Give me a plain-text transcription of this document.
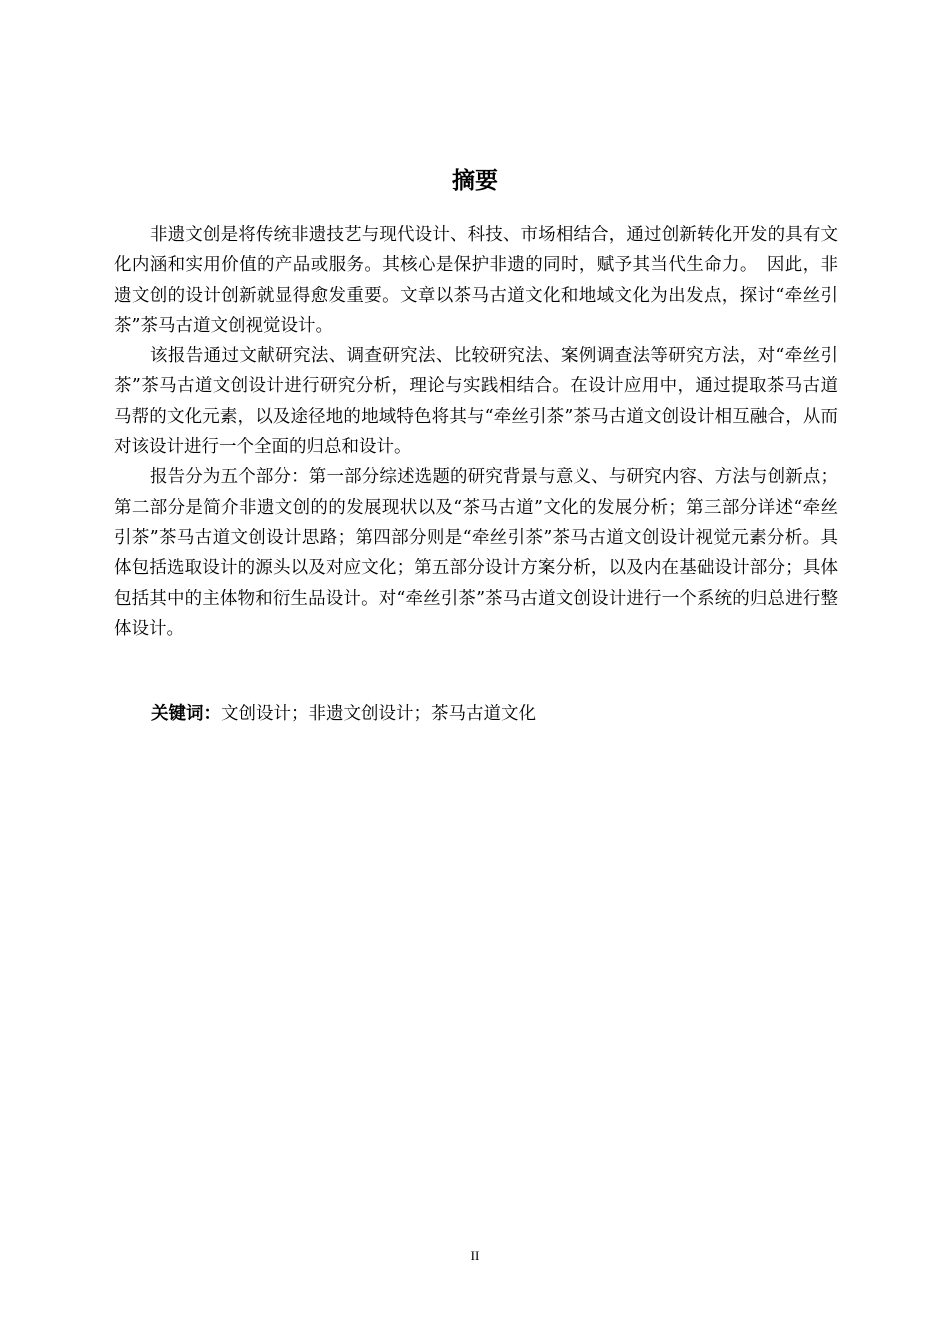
摘要

非遗文创是将传统非遗技艺与现代设计、科技、市场相结合，通过创新转化开发的具有文化内涵和实用价值的产品或服务。其核心是保护非遗的同时，赋予其当代生命力。　因此，非遗文创的设计创新就显得愈发重要。文章以茶马古道文化和地域文化为出发点，探讨“牵丝引茶”茶马古道文创视觉设计。

该报告通过文献研究法、调查研究法、比较研究法、案例调查法等研究方法，对“牵丝引茶”茶马古道文创设计进行研究分析，理论与实践相结合。在设计应用中，通过提取茶马古道马帮的文化元素，以及途径地的地域特色将其与“牵丝引茶”茶马古道文创设计相互融合，从而对该设计进行一个全面的归总和设计。

报告分为五个部分：第一部分综述选题的研究背景与意义、与研究内容、方法与创新点；第二部分是简介非遗文创的的发展现状以及“茶马古道”文化的发展分析；第三部分详述“牵丝引茶”茶马古道文创设计思路；第四部分则是“牵丝引茶”茶马古道文创设计视觉元素分析。具体包括选取设计的源头以及对应文化；第五部分设计方案分析，以及内在基础设计部分；具体包括其中的主体物和衍生品设计。对“牵丝引茶”茶马古道文创设计进行一个系统的归总进行整体设计。

关键词：文创设计；非遗文创设计；茶马古道文化
II
